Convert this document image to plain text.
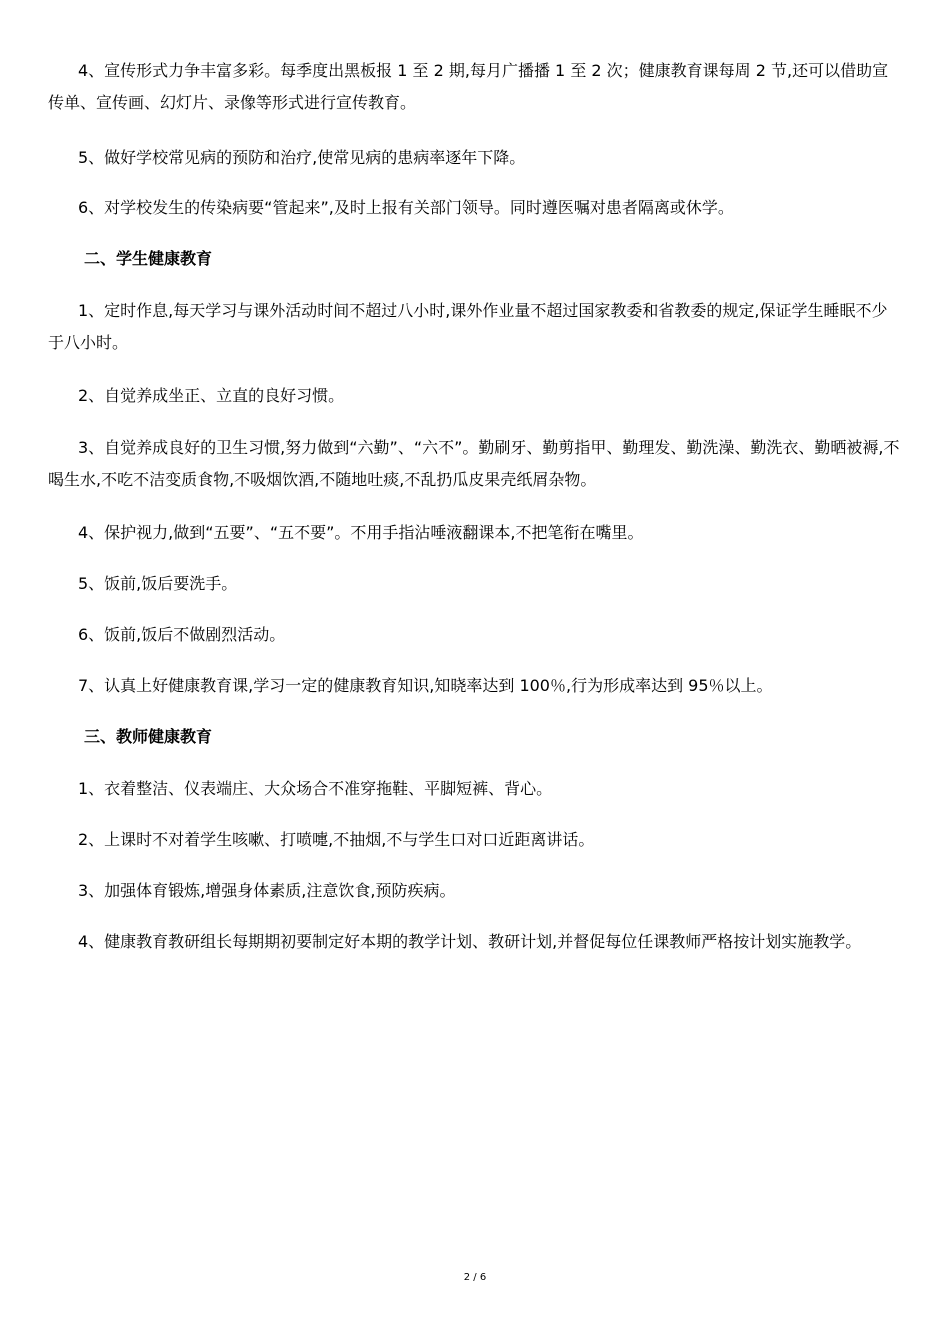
4、宣传形式力争丰富多彩。每季度出黑板报 1 至 2 期,每月广播播 1 至 2 次；健康教育课每周 2 节,还可以借助宣传单、宣传画、幻灯片、录像等形式进行宣传教育。

5、做好学校常见病的预防和治疗,使常见病的患病率逐年下降。

6、对学校发生的传染病要“管起来”,及时上报有关部门领导。同时遵医嘱对患者隔离或休学。

二、学生健康教育

1、定时作息,每天学习与课外活动时间不超过八小时,课外作业量不超过国家教委和省教委的规定,保证学生睡眠不少于八小时。

2、自觉养成坐正、立直的良好习惯。

3、自觉养成良好的卫生习惯,努力做到“六勤”、“六不”。勤刷牙、勤剪指甲、勤理发、勤洗澡、勤洗衣、勤晒被褥,不喝生水,不吃不洁变质食物,不吸烟饮酒,不随地吐痰,不乱扔瓜皮果壳纸屑杂物。

4、保护视力,做到“五要”、“五不要”。不用手指沾唾液翻课本,不把笔衔在嘴里。

5、饭前,饭后要洗手。

6、饭前,饭后不做剧烈活动。

7、认真上好健康教育课,学习一定的健康教育知识,知晓率达到 100％,行为形成率达到 95％以上。

三、教师健康教育

1、衣着整洁、仪表端庄、大众场合不准穿拖鞋、平脚短裤、背心。

2、上课时不对着学生咳嗽、打喷嚏,不抽烟,不与学生口对口近距离讲话。

3、加强体育锻炼,增强身体素质,注意饮食,预防疾病。

4、健康教育教研组长每期期初要制定好本期的教学计划、教研计划,并督促每位任课教师严格按计划实施教学。

2 / 6
